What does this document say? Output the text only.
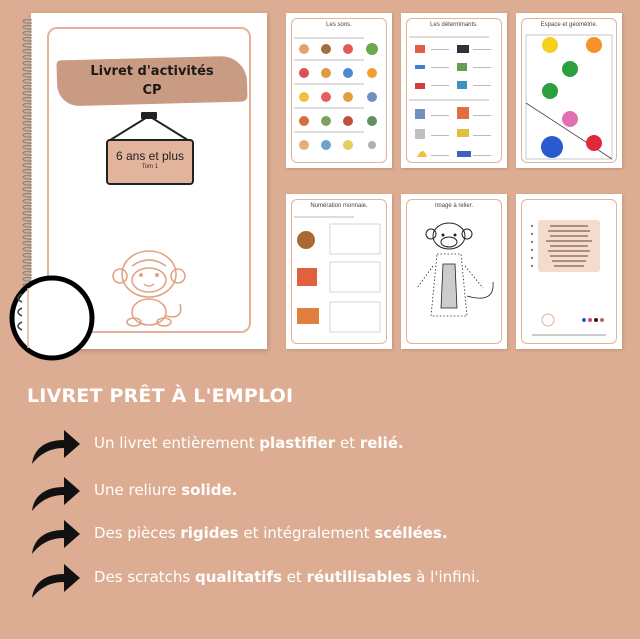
Livret d'activités
CP
6 ans et plus
Tom 1
Les sons.	Les déterminants.	Espace et géométrie.
Numération monnaie.	Image à relier.
LIVRET PRÊT À L'EMPLOI
Un livret entièrement plastifier et relié.
Une reliure solide.
Des pièces rigides et intégralement scéllées.
Des scratchs qualitatifs et réutilisables à l'infini.
